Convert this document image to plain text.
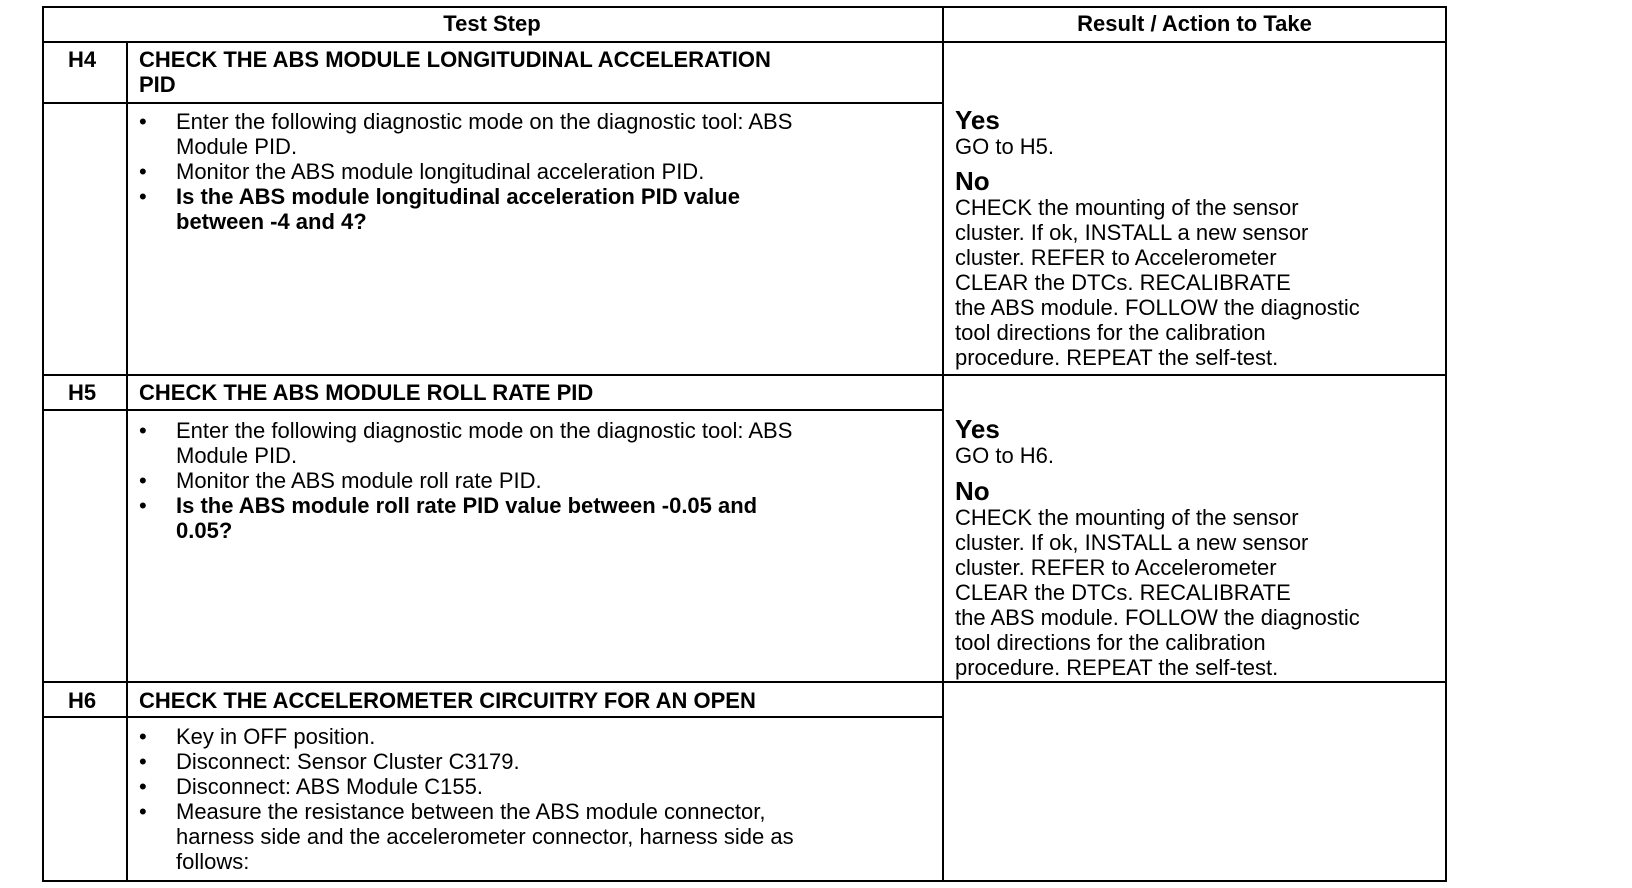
Test Step	Result / Action to Take
H4 CHECK THE ABS MODULE LONGITUDINAL ACCELERATION
PID
• Enter the following diagnostic mode on the diagnostic tool: ABS
Module PID.
• Monitor the ABS module longitudinal acceleration PID.
• Is the ABS module longitudinal acceleration PID value
between -4 and 4?
Yes
GO to H5.
No
CHECK the mounting of the sensor
cluster. If ok, INSTALL a new sensor
cluster. REFER to Accelerometer
CLEAR the DTCs. RECALIBRATE
the ABS module. FOLLOW the diagnostic
tool directions for the calibration
procedure. REPEAT the self-test.
H5 CHECK THE ABS MODULE ROLL RATE PID
• Enter the following diagnostic mode on the diagnostic tool: ABS
Module PID.
• Monitor the ABS module roll rate PID.
• Is the ABS module roll rate PID value between -0.05 and
0.05?
Yes
GO to H6.
No
CHECK the mounting of the sensor
cluster. If ok, INSTALL a new sensor
cluster. REFER to Accelerometer
CLEAR the DTCs. RECALIBRATE
the ABS module. FOLLOW the diagnostic
tool directions for the calibration
procedure. REPEAT the self-test.
H6 CHECK THE ACCELEROMETER CIRCUITRY FOR AN OPEN
• Key in OFF position.
• Disconnect: Sensor Cluster C3179.
• Disconnect: ABS Module C155.
• Measure the resistance between the ABS module connector,
harness side and the accelerometer connector, harness side as
follows:
